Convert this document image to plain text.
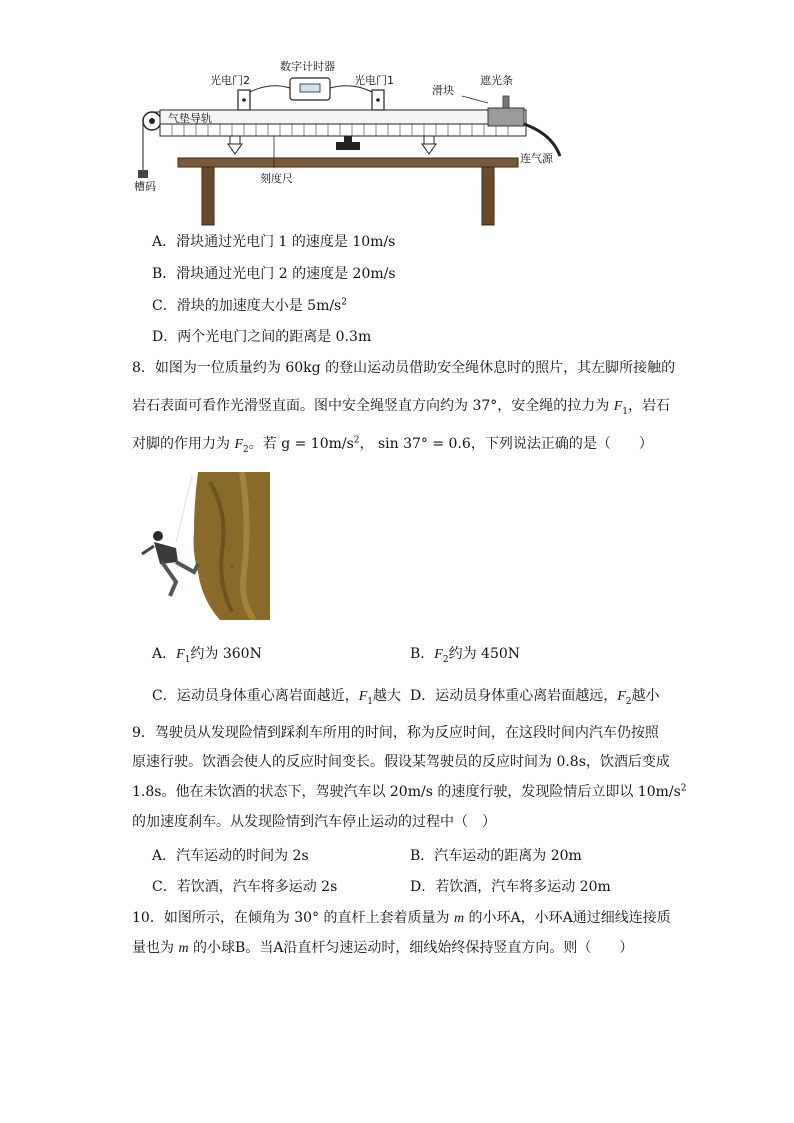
光电门2
数字计时器
光电门1
滑块
遮光条
气垫导轨
连气源
槽码
刻度尺
A．滑块通过光电门 1 的速度是 10m/s
B．滑块通过光电门 2 的速度是 20m/s
C．滑块的加速度大小是 $5m/s^2$
D．两个光电门之间的距离是 0.3m
8．如图为一位质量约为 60kg 的登山运动员借助安全绳休息时的照片，其左脚所接触的
岩石表面可看作光滑竖直面。图中安全绳竖直方向约为 37°，安全绳的拉力为 $F_1$，岩石
对脚的作用力为 $F_2$。若 $g = 10m/s^2$， sin 37° = 0.6，下列说法正确的是（　　）
A．$F_1$约为 360N	B．$F_2$约为 450N
C．运动员身体重心离岩面越近，$F_1$越大 D．运动员身体重心离岩面越远，$F_2$越小
9．驾驶员从发现险情到踩刹车所用的时间，称为反应时间，在这段时间内汽车仍按照
原速行驶。饮酒会使人的反应时间变长。假设某驾驶员的反应时间为 0.8s，饮酒后变成
1.8s。他在未饮酒的状态下，驾驶汽车以 20m/s 的速度行驶，发现险情后立即以 $10m/s^2$
的加速度刹车。从发现险情到汽车停止运动的过程中（　）
A．汽车运动的时间为 2s	B．汽车运动的距离为 20m
C．若饮酒，汽车将多运动 2s	D．若饮酒，汽车将多运动 20m
10．如图所示，在倾角为 30° 的直杆上套着质量为 m 的小环A，小环A通过细线连接质
量也为 m 的小球B。当A沿直杆匀速运动时，细线始终保持竖直方向。则（　　）
